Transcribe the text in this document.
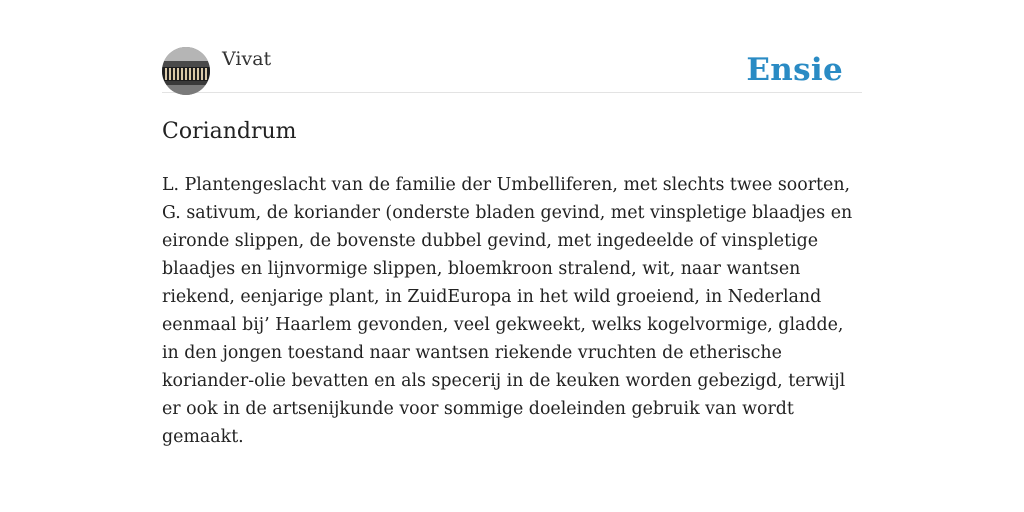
Vivat	Ensie
Coriandrum

L. Plantengeslacht van de familie der Umbelliferen, met slechts twee soorten, G. sativum, de koriander (onderste bladen gevind, met vinspletige blaadjes en eironde slippen, de bovenste dubbel gevind, met ingedeelde of vinspletige blaadjes en lijnvormige slippen, bloemkroon stralend, wit, naar wantsen riekend, eenjarige plant, in ZuidEuropa in het wild groeiend, in Nederland eenmaal bij’ Haarlem gevonden, veel gekweekt, welks kogelvormige, gladde, in den jongen toestand naar wantsen riekende vruchten de etherische koriander-olie bevatten en als specerij in de keuken worden gebezigd, terwijl er ook in de artsenijkunde voor sommige doeleinden gebruik van wordt gemaakt.
